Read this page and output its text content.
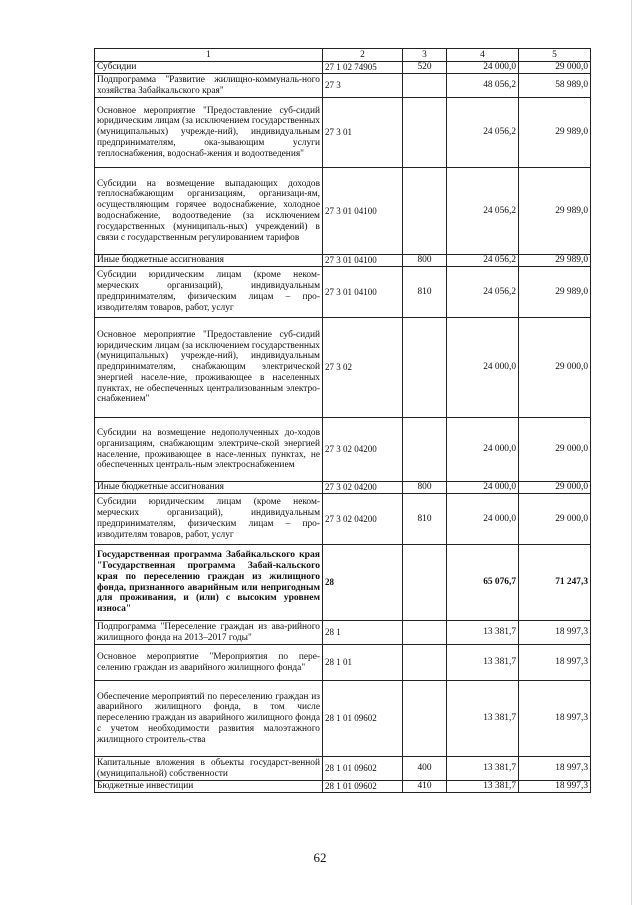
1	2	3	4	5
Субсидии	27 1 02 74905	520	24 000,0	29 000,0
Подпрограмма "Развитие жилищно-коммуналь-ного хозяйства Забайкальского края"	27 3		48 056,2	58 989,0
Основное мероприятие "Предоставление суб-сидий юридическим лицам (за исключением государственных (муниципальных) учрежде-ний), индивидуальным предпринимателям, ока-зывающим услуги теплоснабжения, водоснаб-жения и водоотведения"	27 3 01		24 056,2	29 989,0
Субсидии на возмещение выпадающих доходов теплоснабжающим организациям, организаци-ям, осуществляющим горячее водоснабжение, холодное водоснабжение, водоотведение (за исключением государственных (муниципаль-ных) учреждений) в связи с государственным регулированием тарифов	27 3 01 04100		24 056,2	29 989,0
Иные бюджетные ассигнования	27 3 01 04100	800	24 056,2	29 989,0
Субсидии юридическим лицам (кроме неком-мерческих организаций), индивидуальным предпринимателям, физическим лицам – про-изводителям товаров, работ, услуг	27 3 01 04100	810	24 056,2	29 989,0
Основное мероприятие "Предоставление суб-сидий юридическим лицам (за исключением государственных (муниципальных) учрежде-ний), индивидуальным предпринимателям, снабжающим электрической энергией населе-ние, проживающее в населенных пунктах, не обеспеченных централизованным электро-снабжением"	27 3 02		24 000,0	29 000,0
Субсидии на возмещение недополученных до-ходов организациям, снабжающим электриче-ской энергией население, проживающее в насе-ленных пунктах, не обеспеченных централь-ным электроснабжением	27 3 02 04200		24 000,0	29 000,0
Иные бюджетные ассигнования	27 3 02 04200	800	24 000,0	29 000,0
Субсидии юридическим лицам (кроме неком-мерческих организаций), индивидуальным предпринимателям, физическим лицам – про-изводителям товаров, работ, услуг	27 3 02 04200	810	24 000,0	29 000,0
Государственная программа Забайкальского края "Государственная программа Забай-кальского края по переселению граждан из жилищного фонда, признанного аварийным или непригодным для проживания, и (или) с высоким уровнем износа"	28		65 076,7	71 247,3
Подпрограмма "Переселение граждан из ава-рийного жилищного фонда на 2013–2017 годы"	28 1		13 381,7	18 997,3
Основное мероприятие "Мероприятия по пере-селению граждан из аварийного жилищного фонда"	28 1 01		13 381,7	18 997,3
Обеспечение мероприятий по переселению граждан из аварийного жилищного фонда, в том числе переселению граждан из аварийного жилищного фонда с учетом необходимости развития малоэтажного жилищного строитель-ства	28 1 01 09602		13 381,7	18 997,3
Капитальные вложения в объекты государст-венной (муниципальной) собственности	28 1 01 09602	400	13 381,7	18 997,3
Бюджетные инвестиции	28 1 01 09602	410	13 381,7	18 997,3
62
